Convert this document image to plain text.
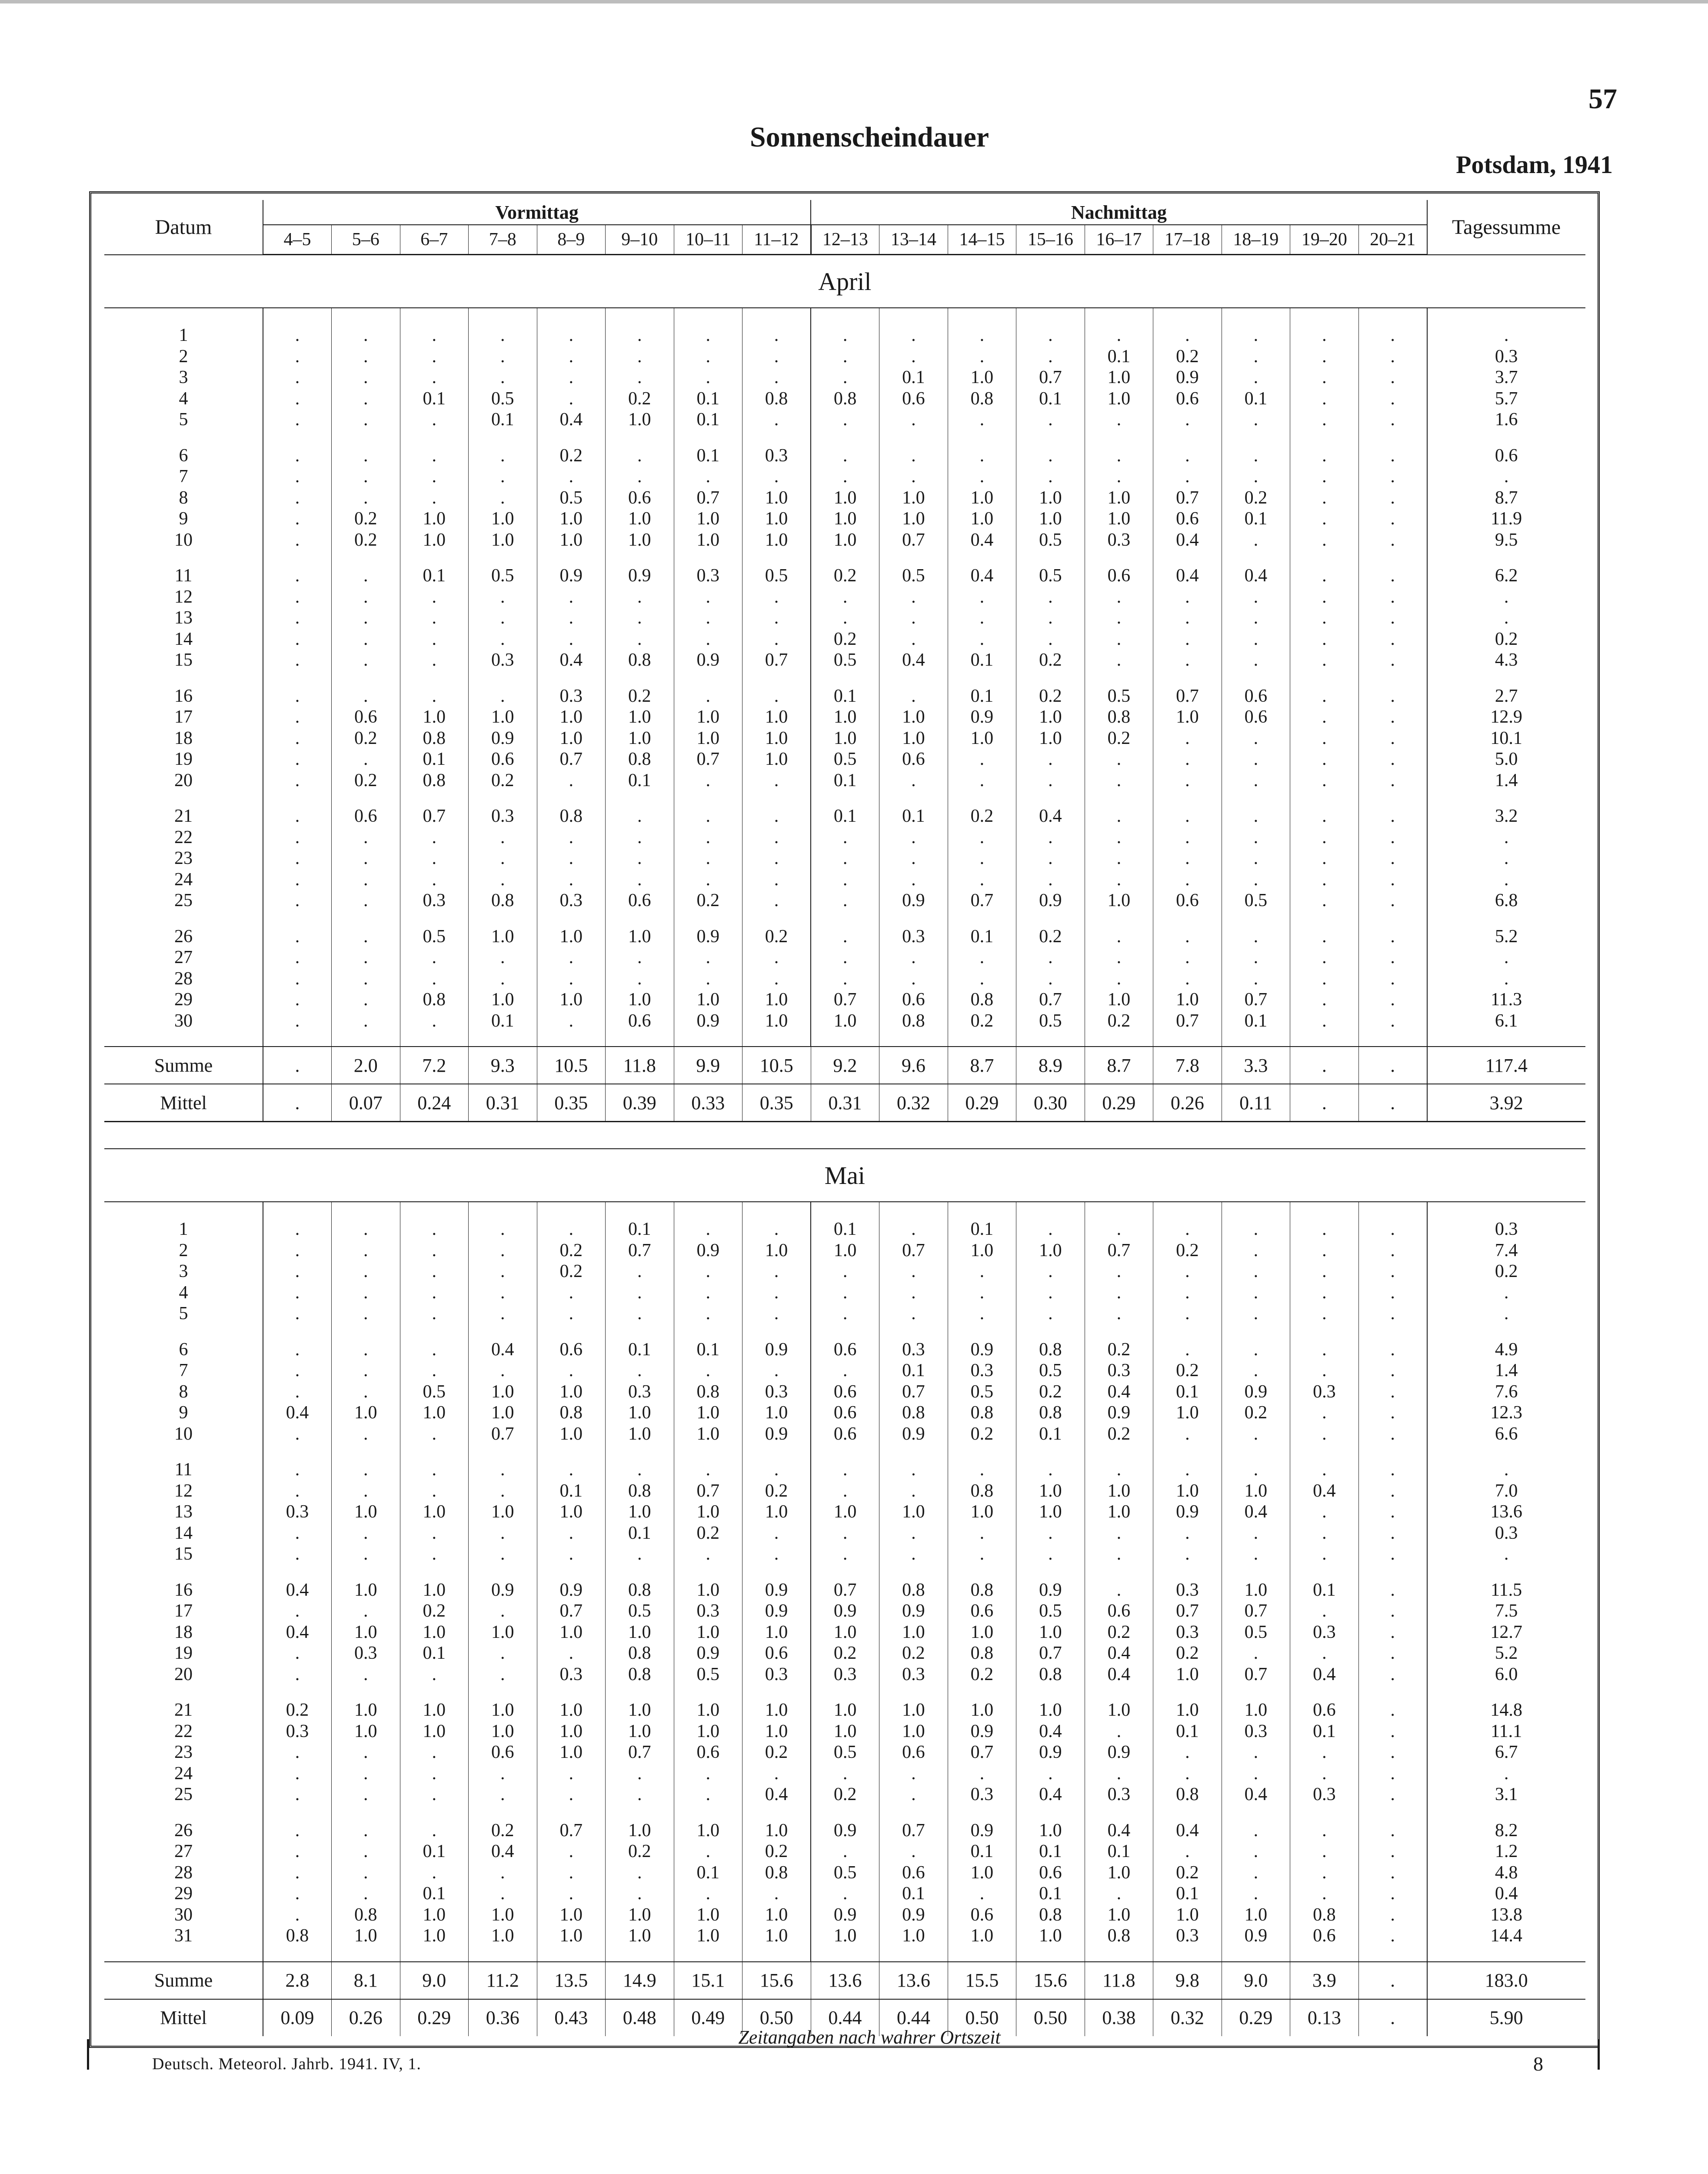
57
Sonnenscheindauer
Potsdam, 1941
Datum	Vormittag								Nachmittag									Tagessumme
	4–5	5–6	6–7	7–8	8–9	9–10	10–11	11–12	12–13	13–14	14–15	15–16	16–17	17–18	18–19	19–20	20–21	
April																		

1	.	.	.	.	.	.	.	.	.	.	.	.	.	.	.	.	.	.
2	.	.	.	.	.	.	.	.	.	.	.	.	0.1	0.2	.	.	.	0.3
3	.	.	.	.	.	.	.	.	.	0.1	1.0	0.7	1.0	0.9	.	.	.	3.7
4	.	.	0.1	0.5	.	0.2	0.1	0.8	0.8	0.6	0.8	0.1	1.0	0.6	0.1	.	.	5.7
5	.	.	.	0.1	0.4	1.0	0.1	.	.	.	.	.	.	.	.	.	.	1.6

6	.	.	.	.	0.2	.	0.1	0.3	.	.	.	.	.	.	.	.	.	0.6
7	.	.	.	.	.	.	.	.	.	.	.	.	.	.	.	.	.	.
8	.	.	.	.	0.5	0.6	0.7	1.0	1.0	1.0	1.0	1.0	1.0	0.7	0.2	.	.	8.7
9	.	0.2	1.0	1.0	1.0	1.0	1.0	1.0	1.0	1.0	1.0	1.0	1.0	0.6	0.1	.	.	11.9
10	.	0.2	1.0	1.0	1.0	1.0	1.0	1.0	1.0	0.7	0.4	0.5	0.3	0.4	.	.	.	9.5

11	.	.	0.1	0.5	0.9	0.9	0.3	0.5	0.2	0.5	0.4	0.5	0.6	0.4	0.4	.	.	6.2
12	.	.	.	.	.	.	.	.	.	.	.	.	.	.	.	.	.	.
13	.	.	.	.	.	.	.	.	.	.	.	.	.	.	.	.	.	.
14	.	.	.	.	.	.	.	.	0.2	.	.	.	.	.	.	.	.	0.2
15	.	.	.	0.3	0.4	0.8	0.9	0.7	0.5	0.4	0.1	0.2	.	.	.	.	.	4.3

16	.	.	.	.	0.3	0.2	.	.	0.1	.	0.1	0.2	0.5	0.7	0.6	.	.	2.7
17	.	0.6	1.0	1.0	1.0	1.0	1.0	1.0	1.0	1.0	0.9	1.0	0.8	1.0	0.6	.	.	12.9
18	.	0.2	0.8	0.9	1.0	1.0	1.0	1.0	1.0	1.0	1.0	1.0	0.2	.	.	.	.	10.1
19	.	.	0.1	0.6	0.7	0.8	0.7	1.0	0.5	0.6	.	.	.	.	.	.	.	5.0
20	.	0.2	0.8	0.2	.	0.1	.	.	0.1	.	.	.	.	.	.	.	.	1.4

21	.	0.6	0.7	0.3	0.8	.	.	.	0.1	0.1	0.2	0.4	.	.	.	.	.	3.2
22	.	.	.	.	.	.	.	.	.	.	.	.	.	.	.	.	.	.
23	.	.	.	.	.	.	.	.	.	.	.	.	.	.	.	.	.	.
24	.	.	.	.	.	.	.	.	.	.	.	.	.	.	.	.	.	.
25	.	.	0.3	0.8	0.3	0.6	0.2	.	.	0.9	0.7	0.9	1.0	0.6	0.5	.	.	6.8

26	.	.	0.5	1.0	1.0	1.0	0.9	0.2	.	0.3	0.1	0.2	.	.	.	.	.	5.2
27	.	.	.	.	.	.	.	.	.	.	.	.	.	.	.	.	.	.
28	.	.	.	.	.	.	.	.	.	.	.	.	.	.	.	.	.	.
29	.	.	0.8	1.0	1.0	1.0	1.0	1.0	0.7	0.6	0.8	0.7	1.0	1.0	0.7	.	.	11.3
30	.	.	.	0.1	.	0.6	0.9	1.0	1.0	0.8	0.2	0.5	0.2	0.7	0.1	.	.	6.1

Summe	.	2.0	7.2	9.3	10.5	11.8	9.9	10.5	9.2	9.6	8.7	8.9	8.7	7.8	3.3	.	.	117.4
Mittel	.	0.07	0.24	0.31	0.35	0.39	0.33	0.35	0.31	0.32	0.29	0.30	0.29	0.26	0.11	.	.	3.92

Mai																		

1	.	.	.	.	.	0.1	.	.	0.1	.	0.1	.	.	.	.	.	.	0.3
2	.	.	.	.	0.2	0.7	0.9	1.0	1.0	0.7	1.0	1.0	0.7	0.2	.	.	.	7.4
3	.	.	.	.	0.2	.	.	.	.	.	.	.	.	.	.	.	.	0.2
4	.	.	.	.	.	.	.	.	.	.	.	.	.	.	.	.	.	.
5	.	.	.	.	.	.	.	.	.	.	.	.	.	.	.	.	.	.

6	.	.	.	0.4	0.6	0.1	0.1	0.9	0.6	0.3	0.9	0.8	0.2	.	.	.	.	4.9
7	.	.	.	.	.	.	.	.	.	0.1	0.3	0.5	0.3	0.2	.	.	.	1.4
8	.	.	0.5	1.0	1.0	0.3	0.8	0.3	0.6	0.7	0.5	0.2	0.4	0.1	0.9	0.3	.	7.6
9	0.4	1.0	1.0	1.0	0.8	1.0	1.0	1.0	0.6	0.8	0.8	0.8	0.9	1.0	0.2	.	.	12.3
10	.	.	.	0.7	1.0	1.0	1.0	0.9	0.6	0.9	0.2	0.1	0.2	.	.	.	.	6.6

11	.	.	.	.	.	.	.	.	.	.	.	.	.	.	.	.	.	.
12	.	.	.	.	0.1	0.8	0.7	0.2	.	.	0.8	1.0	1.0	1.0	1.0	0.4	.	7.0
13	0.3	1.0	1.0	1.0	1.0	1.0	1.0	1.0	1.0	1.0	1.0	1.0	1.0	0.9	0.4	.	.	13.6
14	.	.	.	.	.	0.1	0.2	.	.	.	.	.	.	.	.	.	.	0.3
15	.	.	.	.	.	.	.	.	.	.	.	.	.	.	.	.	.	.

16	0.4	1.0	1.0	0.9	0.9	0.8	1.0	0.9	0.7	0.8	0.8	0.9	.	0.3	1.0	0.1	.	11.5
17	.	.	0.2	.	0.7	0.5	0.3	0.9	0.9	0.9	0.6	0.5	0.6	0.7	0.7	.	.	7.5
18	0.4	1.0	1.0	1.0	1.0	1.0	1.0	1.0	1.0	1.0	1.0	1.0	0.2	0.3	0.5	0.3	.	12.7
19	.	0.3	0.1	.	.	0.8	0.9	0.6	0.2	0.2	0.8	0.7	0.4	0.2	.	.	.	5.2
20	.	.	.	.	0.3	0.8	0.5	0.3	0.3	0.3	0.2	0.8	0.4	1.0	0.7	0.4	.	6.0

21	0.2	1.0	1.0	1.0	1.0	1.0	1.0	1.0	1.0	1.0	1.0	1.0	1.0	1.0	1.0	0.6	.	14.8
22	0.3	1.0	1.0	1.0	1.0	1.0	1.0	1.0	1.0	1.0	0.9	0.4	.	0.1	0.3	0.1	.	11.1
23	.	.	.	0.6	1.0	0.7	0.6	0.2	0.5	0.6	0.7	0.9	0.9	.	.	.	.	6.7
24	.	.	.	.	.	.	.	.	.	.	.	.	.	.	.	.	.	.
25	.	.	.	.	.	.	.	0.4	0.2	.	0.3	0.4	0.3	0.8	0.4	0.3	.	3.1

26	.	.	.	0.2	0.7	1.0	1.0	1.0	0.9	0.7	0.9	1.0	0.4	0.4	.	.	.	8.2
27	.	.	0.1	0.4	.	0.2	.	0.2	.	.	0.1	0.1	0.1	.	.	.	.	1.2
28	.	.	.	.	.	.	0.1	0.8	0.5	0.6	1.0	0.6	1.0	0.2	.	.	.	4.8
29	.	.	0.1	.	.	.	.	.	.	0.1	.	0.1	.	0.1	.	.	.	0.4
30	.	0.8	1.0	1.0	1.0	1.0	1.0	1.0	0.9	0.9	0.6	0.8	1.0	1.0	1.0	0.8	.	13.8
31	0.8	1.0	1.0	1.0	1.0	1.0	1.0	1.0	1.0	1.0	1.0	1.0	0.8	0.3	0.9	0.6	.	14.4

Summe	2.8	8.1	9.0	11.2	13.5	14.9	15.1	15.6	13.6	13.6	15.5	15.6	11.8	9.8	9.0	3.9	.	183.0
Mittel	0.09	0.26	0.29	0.36	0.43	0.48	0.49	0.50	0.44	0.44	0.50	0.50	0.38	0.32	0.29	0.13	.	5.90
Zeitangaben nach wahrer Ortszeit
Deutsch. Meteorol. Jahrb. 1941. IV, 1.	8
